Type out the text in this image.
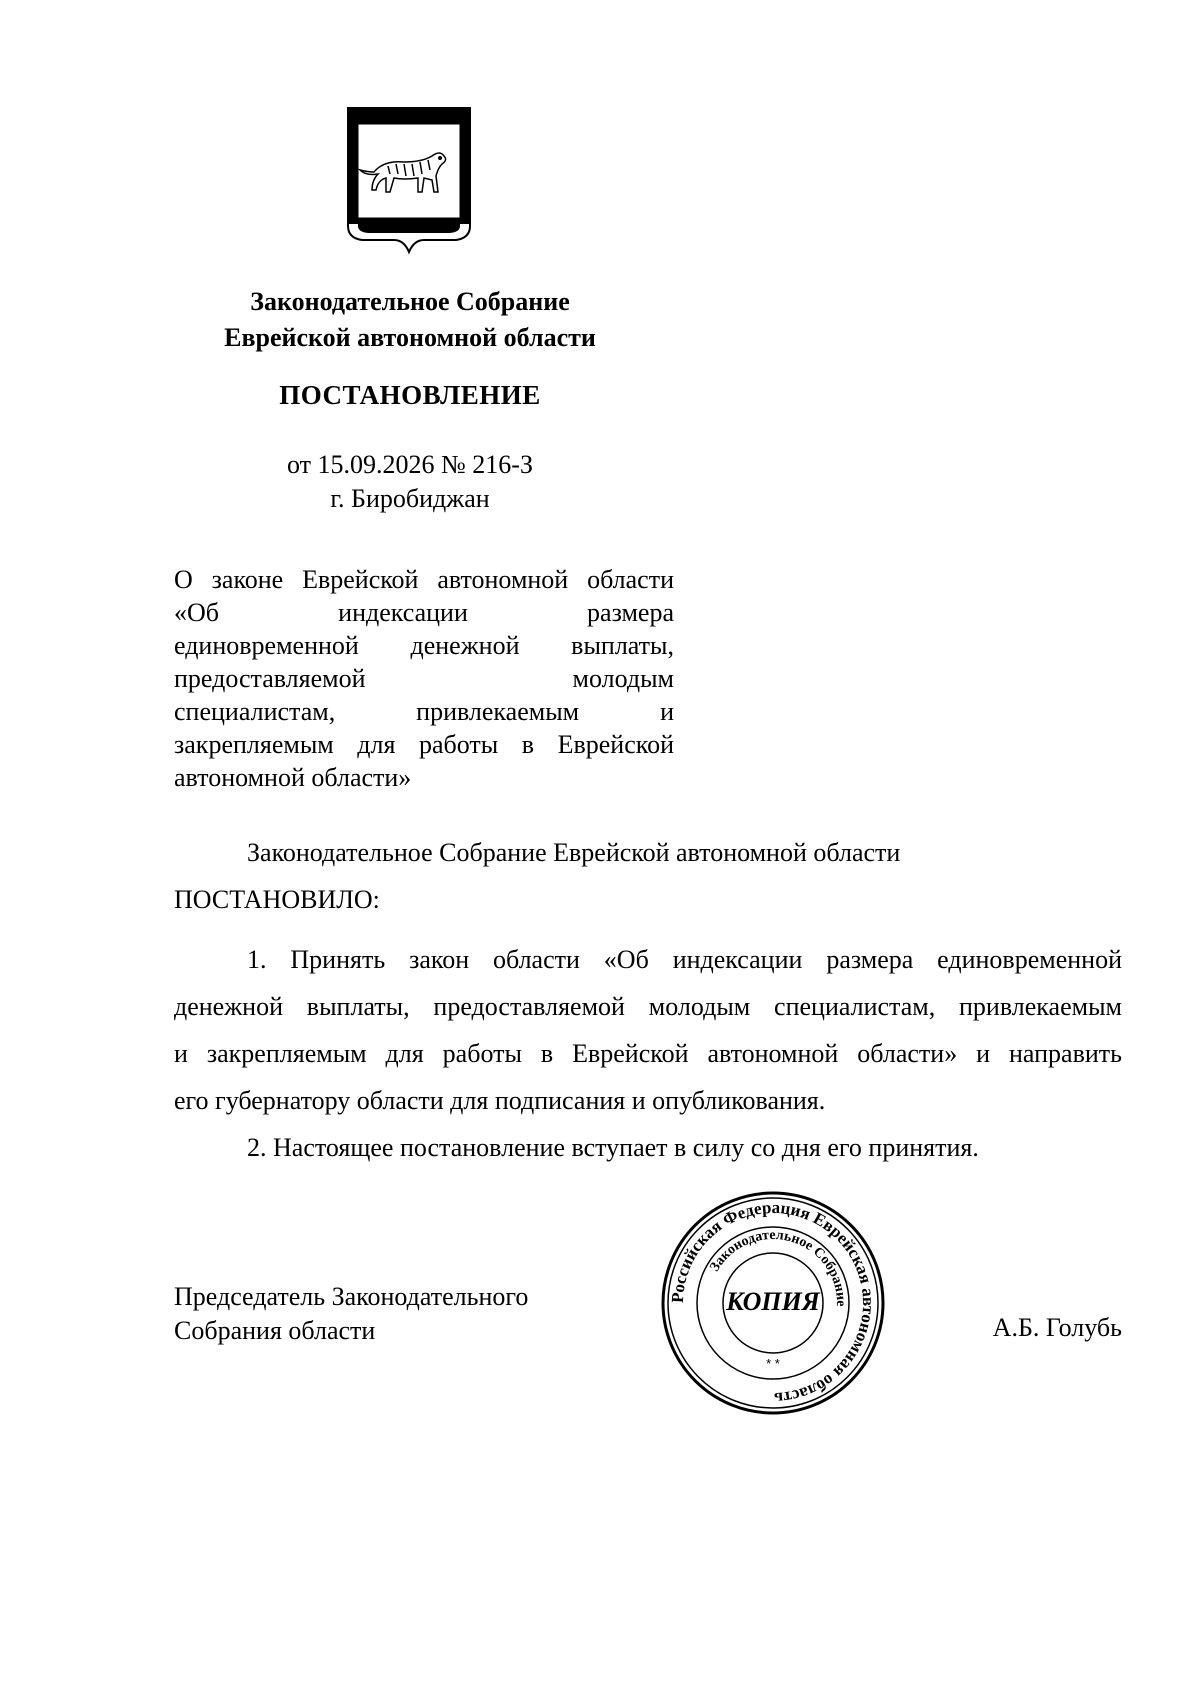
Законодательное Собрание
Еврейской автономной области
ПОСТАНОВЛЕНИЕ
от 15.09.2026 № 216-З
г. Биробиджан
О законе Еврейской автономной области
«Об индексации размера
единовременной денежной выплаты,
предоставляемой молодым
специалистам, привлекаемым и
закрепляемым для работы в Еврейской
автономной области»
Законодательное Собрание Еврейской автономной области
ПОСТАНОВИЛО:
1. Принять закон области «Об индексации размера единовременной
денежной выплаты, предоставляемой молодым специалистам, привлекаемым
и закрепляемым для работы в Еврейской автономной области» и направить
его губернатору области для подписания и опубликования.
2. Настоящее постановление вступает в силу со дня его принятия.
Председатель Законодательного
Собрания области	А.Б. Голубь
Российская Федерация Еврейская автономная область
Законодательное Собрание
КОПИЯ
* *
